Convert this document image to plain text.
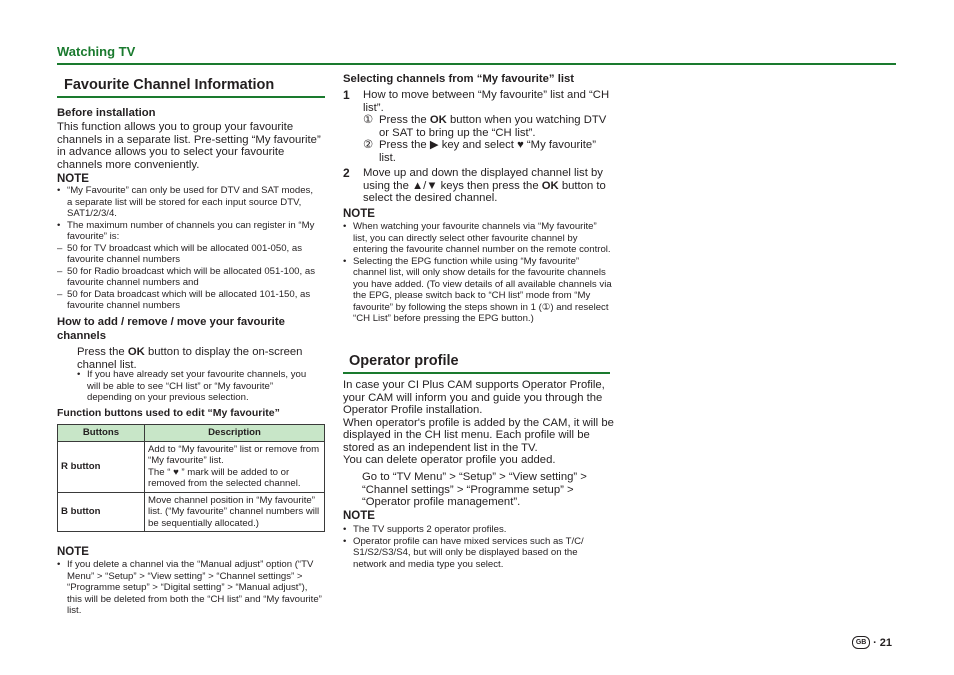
Watching TV
Favourite Channel Information
Before installation
This function allows you to group your favourite channels in a separate list. Pre-setting “My favourite” in advance allows you to select your favourite channels more conveniently.
NOTE
• “My Favourite” can only be used for DTV and SAT modes, a separate list will be stored for each input source DTV, SAT1/2/3/4.
• The maximum number of channels you can register in “My favourite” is:
– 50 for TV broadcast which will be allocated 001-050, as favourite channel numbers
– 50 for Radio broadcast which will be allocated 051-100, as favourite channel numbers and
– 50 for Data broadcast which will be allocated 101-150, as favourite channel numbers
How to add / remove / move your favourite channels
Press the OK button to display the on-screen channel list.
• If you have already set your favourite channels, you will be able to see “CH list” or “My favourite” depending on your previous selection.
Function buttons used to edit “My favourite”
Buttons	Description
R button	Add to “My favourite” list or remove from “My favourite” list.
The “ ♥ ” mark will be added to or removed from the selected channel.

B button	Move channel position in “My favourite” list. (“My favourite” channel numbers will be sequentially allocated.)
NOTE
• If you delete a channel via the “Manual adjust” option (“TV Menu” > “Setup” > “View setting” > “Channel settings” > “Programme setup” > “Digital setting” > “Manual adjust”), this will be deleted from both the “CH list” and “My favourite” list.
Selecting channels from “My favourite” list
1 How to move between “My favourite” list and “CH list”.
① Press the OK button when you watching DTV or SAT to bring up the “CH list”.
② Press the ▶ key and select ♥ “My favourite” list.
2	Move up and down the displayed channel list by using the ▲/▼ keys then press the OK button to select the desired channel.
NOTE
• When watching your favourite channels via “My favourite” list, you can directly select other favourite channel by entering the favourite channel number on the remote control.
• Selecting the EPG function while using “My favourite” channel list, will only show details for the favourite channels you have added. (To view details of all available channels via the EPG, please switch back to “CH list” mode from “My favourite” by following the steps shown in 1 (①) and reselect “CH List” before pressing the EPG button.)
Operator profile
In case your CI Plus CAM supports Operator Profile, your CAM will inform you and guide you through the Operator Profile installation.
When operator's profile is added by the CAM, it will be displayed in the CH list menu. Each profile will be stored as an independent list in the TV.
You can delete operator profile you added.
Go to “TV Menu” > “Setup” > “View setting” > “Channel settings” > “Programme setup” > “Operator profile management”.
NOTE
• The TV supports 2 operator profiles.
• Operator profile can have mixed services such as T/C/ S1/S2/S3/S4, but will only be displayed based on the network and media type you select.
GB · 21
